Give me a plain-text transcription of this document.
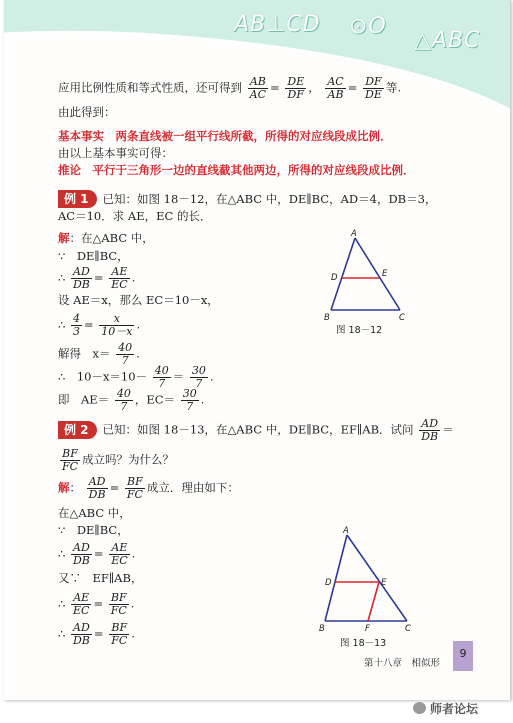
AB⊥CD ⊙O
△ABC
应用比例性质和等式性质，还可得到 $\frac{AB}{AC} = \frac{DE}{DF}$ ， $\frac{AC}{AB} = \frac{DF}{DE}$ 等.
由此得到：
基本事实　 两条直线被一组平行线所截，所得的对应线段成比例．
由以上基本事实可得：
推论　 平行于三角形一边的直线截其他两边，所得的对应线段成比例．
例 1 已知：如图 18－12，在△ABC 中，DE∥BC，AD＝4，DB＝3，
AC＝10．求 AE，EC 的长．
解：在△ABC 中，
∵　DE∥BC，
∴ $\frac{AD}{DB} = \frac{AE}{EC}$ .
设 AE＝x，那么 EC＝10－x，
∴ $\frac{4}{3} = \frac{x}{10-x}$ .
解得　$x= \frac{40}{7}$ .
∴　$10-x=10- \frac{40}{7} = \frac{30}{7}$ .
即　$AE= \frac{40}{7}$ ，$EC= \frac{30}{7}$ .
A
D	E
B	C
图 18－12
例 2 已知：如图 18－13，在△ABC 中，DE∥BC，EF∥AB．试问 $\frac{AD}{DB}$ ＝
$\frac{BF}{FC}$ 成立吗？为什么？
解： $\frac{AD}{DB} = \frac{BF}{FC}$ 成立．理由如下：
在△ABC 中，
∵　DE∥BC，
∴ $\frac{AD}{DB} = \frac{AE}{EC}$ .
又∵　EF∥AB，
∴ $\frac{AE}{EC} = \frac{BF}{FC}$ .
∴ $\frac{AD}{DB} = \frac{BF}{FC}$ .
A
D	E
B	F	C
图 18－13
第十八章　相似形
9
师者论坛
